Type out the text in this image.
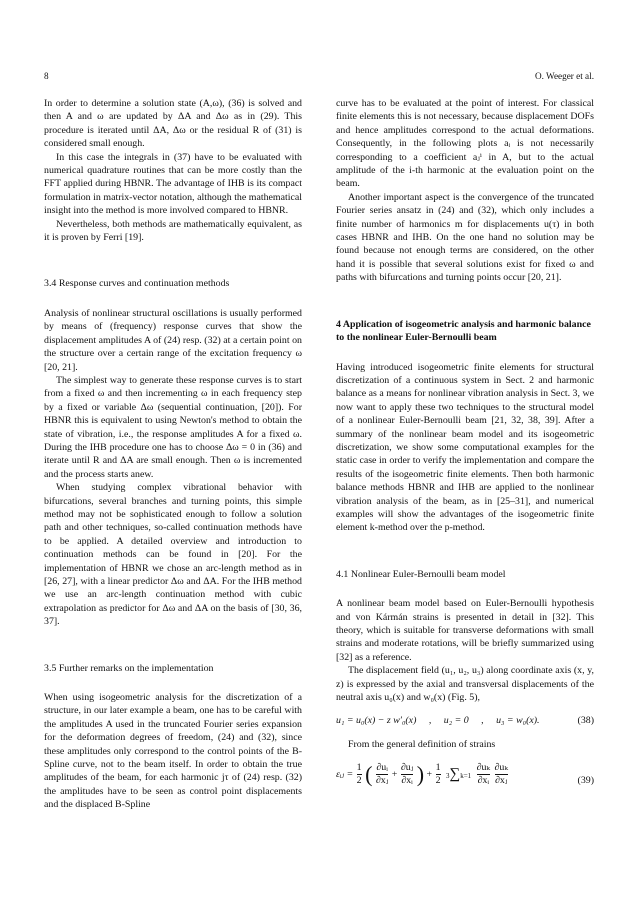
8	O. Weeger et al.

In order to determine a solution state (A,ω), (36) is solved and then A and ω are updated by ΔA and Δω as in (29). This procedure is iterated until ΔA, Δω or the residual R of (31) is considered small enough.

In this case the integrals in (37) have to be evaluated with numerical quadrature routines that can be more costly than the FFT applied during HBNR. The advantage of IHB is its compact formulation in matrix-vector notation, although the mathematical insight into the method is more involved compared to HBNR.

Nevertheless, both methods are mathematically equivalent, as it is proven by Ferri [19].

3.4 Response curves and continuation methods

Analysis of nonlinear structural oscillations is usually performed by means of (frequency) response curves that show the displacement amplitudes A of (24) resp. (32) at a certain point on the structure over a certain range of the excitation frequency ω [20, 21].

The simplest way to generate these response curves is to start from a fixed ω and then incrementing ω in each frequency step by a fixed or variable Δω (sequential continuation, [20]). For HBNR this is equivalent to using Newton's method to obtain the state of vibration, i.e., the response amplitudes A for a fixed ω. During the IHB procedure one has to choose Δω = 0 in (36) and iterate until R and ΔA are small enough. Then ω is incremented and the process starts anew.

When studying complex vibrational behavior with bifurcations, several branches and turning points, this simple method may not be sophisticated enough to follow a solution path and other techniques, so-called continuation methods have to be applied. A detailed overview and introduction to continuation methods can be found in [20]. For the implementation of HBNR we chose an arc-length method as in [26, 27], with a linear predictor Δω and ΔA. For the IHB method we use an arc-length continuation method with cubic extrapolation as predictor for Δω and ΔA on the basis of [30, 36, 37].

3.5 Further remarks on the implementation

When using isogeometric analysis for the discretization of a structure, in our later example a beam, one has to be careful with the amplitudes A used in the truncated Fourier series expansion for the deformation degrees of freedom, (24) and (32), since these amplitudes only correspond to the control points of the B-Spline curve, not to the beam itself. In order to obtain the true amplitudes of the beam, for each harmonic jτ of (24) resp. (32) the amplitudes have to be seen as control point displacements and the displaced B-Spline

curve has to be evaluated at the point of interest. For classical finite elements this is not necessary, because displacement DOFs and hence amplitudes correspond to the actual deformations. Consequently, in the following plots aᵢ is not necessarily corresponding to a coefficient aⱼⁱ in A, but to the actual amplitude of the i-th harmonic at the evaluation point on the beam.

Another important aspect is the convergence of the truncated Fourier series ansatz in (24) and (32), which only includes a finite number of harmonics m for displacements u(τ) in both cases HBNR and IHB. On the one hand no solution may be found because not enough terms are considered, on the other hand it is possible that several solutions exist for fixed ω and paths with bifurcations and turning points occur [20, 21].

4 Application of isogeometric analysis and harmonic balance to the nonlinear Euler-Bernoulli beam

Having introduced isogeometric finite elements for structural discretization of a continuous system in Sect. 2 and harmonic balance as a means for nonlinear vibration analysis in Sect. 3, we now want to apply these two techniques to the structural model of a nonlinear Euler-Bernoulli beam [21, 32, 38, 39]. After a summary of the nonlinear beam model and its isogeometric discretization, we show some computational examples for the static case in order to verify the implementation and compare the results of the isogeometric finite elements. Then both harmonic balance methods HBNR and IHB are applied to the nonlinear vibration analysis of the beam, as in [25–31], and numerical examples will show the advantages of the isogeometric finite element k-method over the p-method.

4.1 Nonlinear Euler-Bernoulli beam model

A nonlinear beam model based on Euler-Bernoulli hypothesis and von Kármán strains is presented in detail in [32]. This theory, which is suitable for transverse deformations with small strains and moderate rotations, will be briefly summarized using [32] as a reference.

The displacement field (u₁, u₂, u₃) along coordinate axis (x, y, z) is expressed by the axial and transversal displacements of the neutral axis u₀(x) and w₀(x) (Fig. 5),

u₁ = u₀(x) − z w′₀(x) , u₂ = 0 , u₃ = w₀(x).	(38)

From the general definition of strains

εᵢⱼ = $\frac{1}{2}$ ( $\frac{\text{∂uᵢ}}{\text{∂xⱼ}} + \frac{\text{∂uⱼ}}{\text{∂xᵢ}}$ ) + $\frac{1}{2} 3\sum k=1 \frac{\text{∂uₖ}}{\text{∂xᵢ}}$
$\frac{\text{∂uₖ}}{\text{∂xⱼ}}$	(39)
